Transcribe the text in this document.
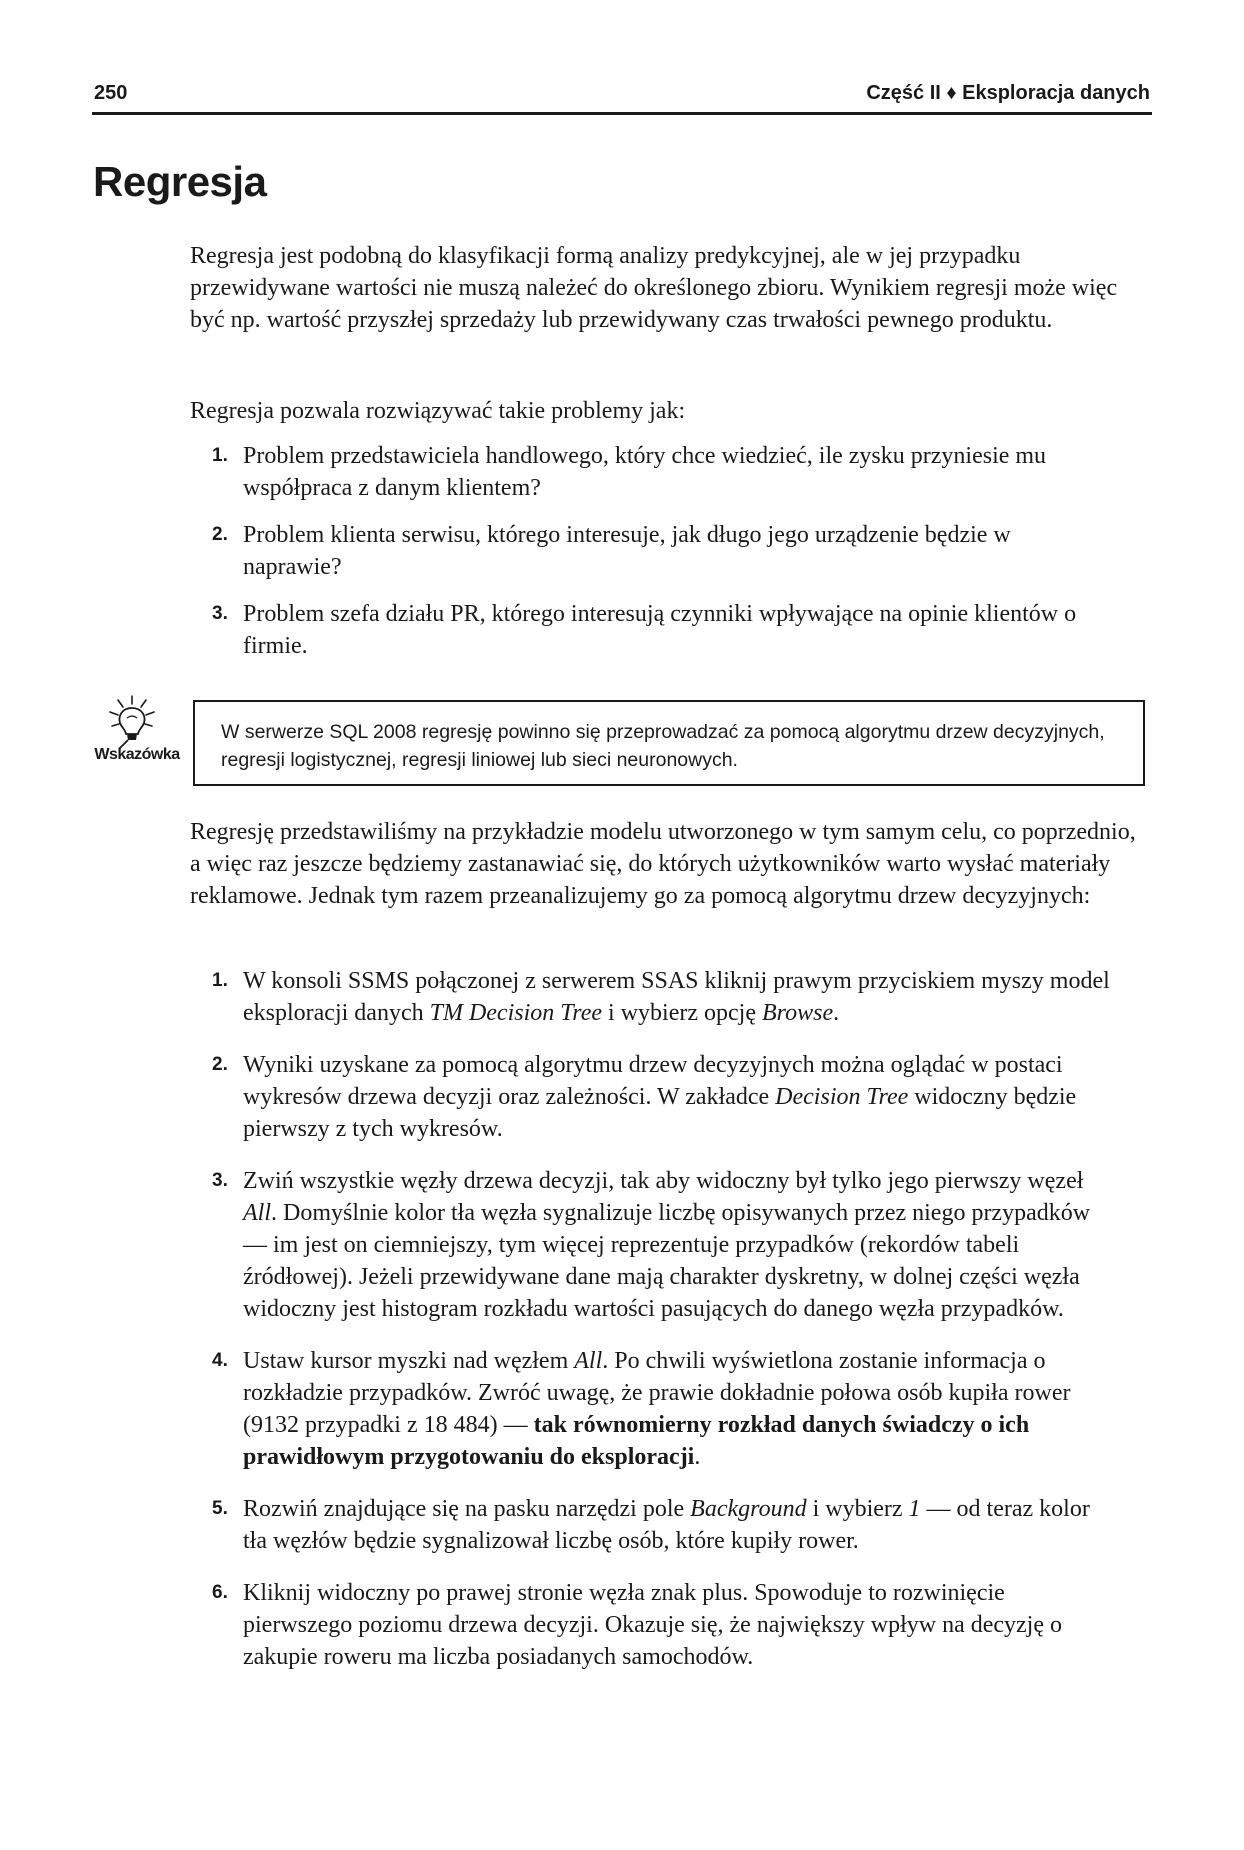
250	Część II ♦ Eksploracja danych
Regresja

Regresja jest podobną do klasyfikacji formą analizy predykcyjnej, ale w jej przypadku przewidywane wartości nie muszą należeć do określonego zbioru. Wynikiem regresji może więc być np. wartość przyszłej sprzedaży lub przewidywany czas trwałości pewnego produktu.

Regresja pozwala rozwiązywać takie problemy jak:

1. Problem przedstawiciela handlowego, który chce wiedzieć, ile zysku przyniesie mu współpraca z danym klientem?
2. Problem klienta serwisu, którego interesuje, jak długo jego urządzenie będzie w naprawie?
3. Problem szefa działu PR, którego interesują czynniki wpływające na opinie klientów o firmie.
Wskazówka
W serwerze SQL 2008 regresję powinno się przeprowadzać za pomocą algorytmu drzew decyzyjnych, regresji logistycznej, regresji liniowej lub sieci neuronowych.

Regresję przedstawiliśmy na przykładzie modelu utworzonego w tym samym celu, co poprzednio, a więc raz jeszcze będziemy zastanawiać się, do których użytkowników warto wysłać materiały reklamowe. Jednak tym razem przeanalizujemy go za pomocą algorytmu drzew decyzyjnych:

1. W konsoli SSMS połączonej z serwerem SSAS kliknij prawym przyciskiem myszy model eksploracji danych TM Decision Tree i wybierz opcję Browse.
2. Wyniki uzyskane za pomocą algorytmu drzew decyzyjnych można oglądać w postaci wykresów drzewa decyzji oraz zależności. W zakładce Decision Tree widoczny będzie pierwszy z tych wykresów.
3. Zwiń wszystkie węzły drzewa decyzji, tak aby widoczny był tylko jego pierwszy węzeł All. Domyślnie kolor tła węzła sygnalizuje liczbę opisywanych przez niego przypadków — im jest on ciemniejszy, tym więcej reprezentuje przypadków (rekordów tabeli źródłowej). Jeżeli przewidywane dane mają charakter dyskretny, w dolnej części węzła widoczny jest histogram rozkładu wartości pasujących do danego węzła przypadków.
4. Ustaw kursor myszki nad węzłem All. Po chwili wyświetlona zostanie informacja o rozkładzie przypadków. Zwróć uwagę, że prawie dokładnie połowa osób kupiła rower (9132 przypadki z 18 484) — tak równomierny rozkład danych świadczy o ich prawidłowym przygotowaniu do eksploracji.
5. Rozwiń znajdujące się na pasku narzędzi pole Background i wybierz 1 — od teraz kolor tła węzłów będzie sygnalizował liczbę osób, które kupiły rower.
6. Kliknij widoczny po prawej stronie węzła znak plus. Spowoduje to rozwinięcie pierwszego poziomu drzewa decyzji. Okazuje się, że największy wpływ na decyzję o zakupie roweru ma liczba posiadanych samochodów.
